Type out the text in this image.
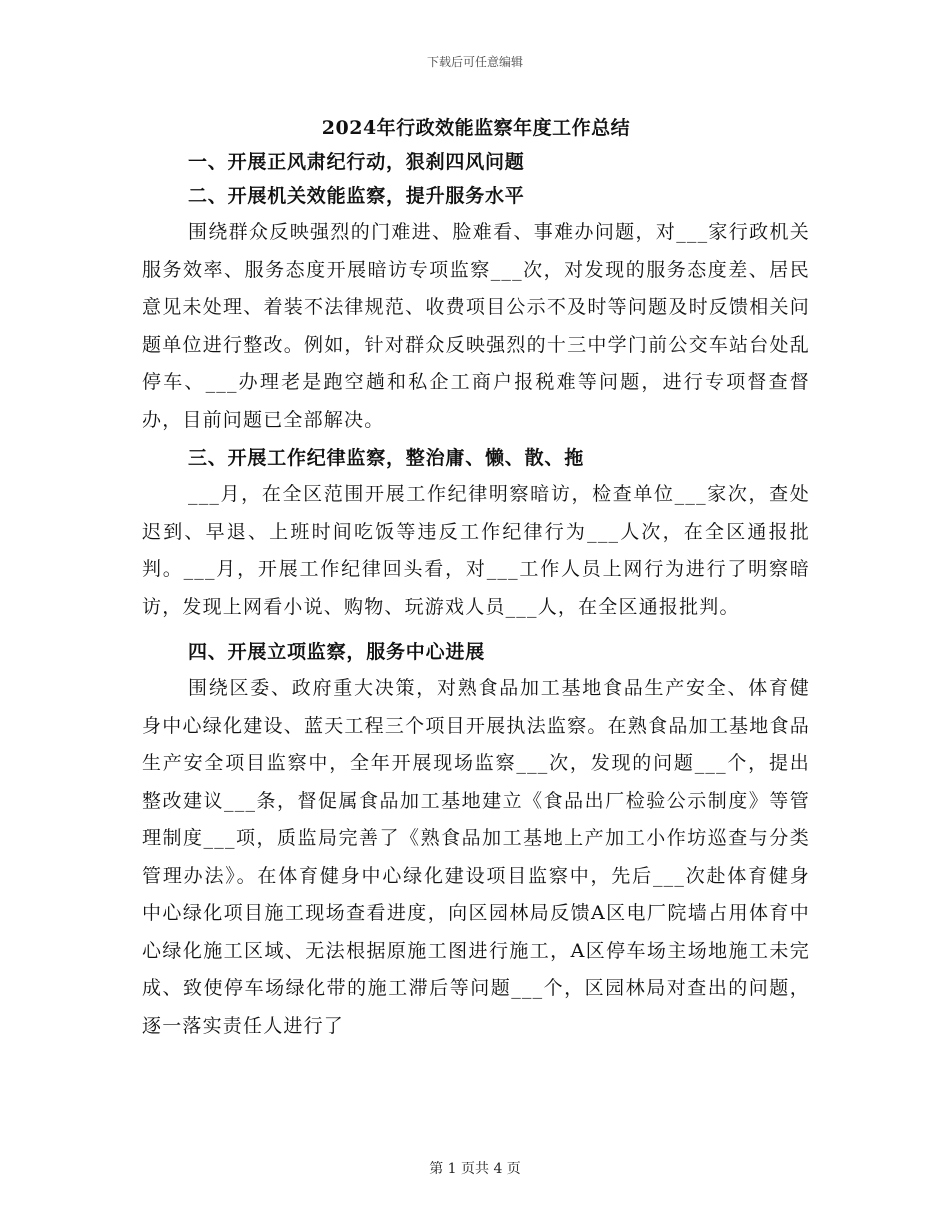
下载后可任意编辑
2024年行政效能监察年度工作总结
一、开展正风肃纪行动，狠刹四风问题
二、开展机关效能监察，提升服务水平

围绕群众反映强烈的门难进、脸难看、事难办问题，对___家行政机关服务效率、服务态度开展暗访专项监察___次，对发现的服务态度差、居民意见未处理、着装不法律规范、收费项目公示不及时等问题及时反馈相关问题单位进行整改。例如，针对群众反映强烈的十三中学门前公交车站台处乱停车、___办理老是跑空趟和私企工商户报税难等问题，进行专项督查督办，目前问题已全部解决。

三、开展工作纪律监察，整治庸、懒、散、拖

___月，在全区范围开展工作纪律明察暗访，检查单位___家次，查处迟到、早退、上班时间吃饭等违反工作纪律行为___人次，在全区通报批判。___月，开展工作纪律回头看，对___工作人员上网行为进行了明察暗访，发现上网看小说、购物、玩游戏人员___人，在全区通报批判。

四、开展立项监察，服务中心进展

围绕区委、政府重大决策，对熟食品加工基地食品生产安全、体育健身中心绿化建设、蓝天工程三个项目开展执法监察。在熟食品加工基地食品生产安全项目监察中，全年开展现场监察___次，发现的问题___个，提出整改建议___条，督促属食品加工基地建立《食品出厂检验公示制度》等管理制度___项，质监局完善了《熟食品加工基地上产加工小作坊巡查与分类管理办法》。在体育健身中心绿化建设项目监察中，先后___次赴体育健身中心绿化项目施工现场查看进度，向区园林局反馈A区电厂院墙占用体育中心绿化施工区域、无法根据原施工图进行施工，A区停车场主场地施工未完成、致使停车场绿化带的施工滞后等问题___个，区园林局对查出的问题，逐一落实责任人进行了

第 1 页共 4 页
